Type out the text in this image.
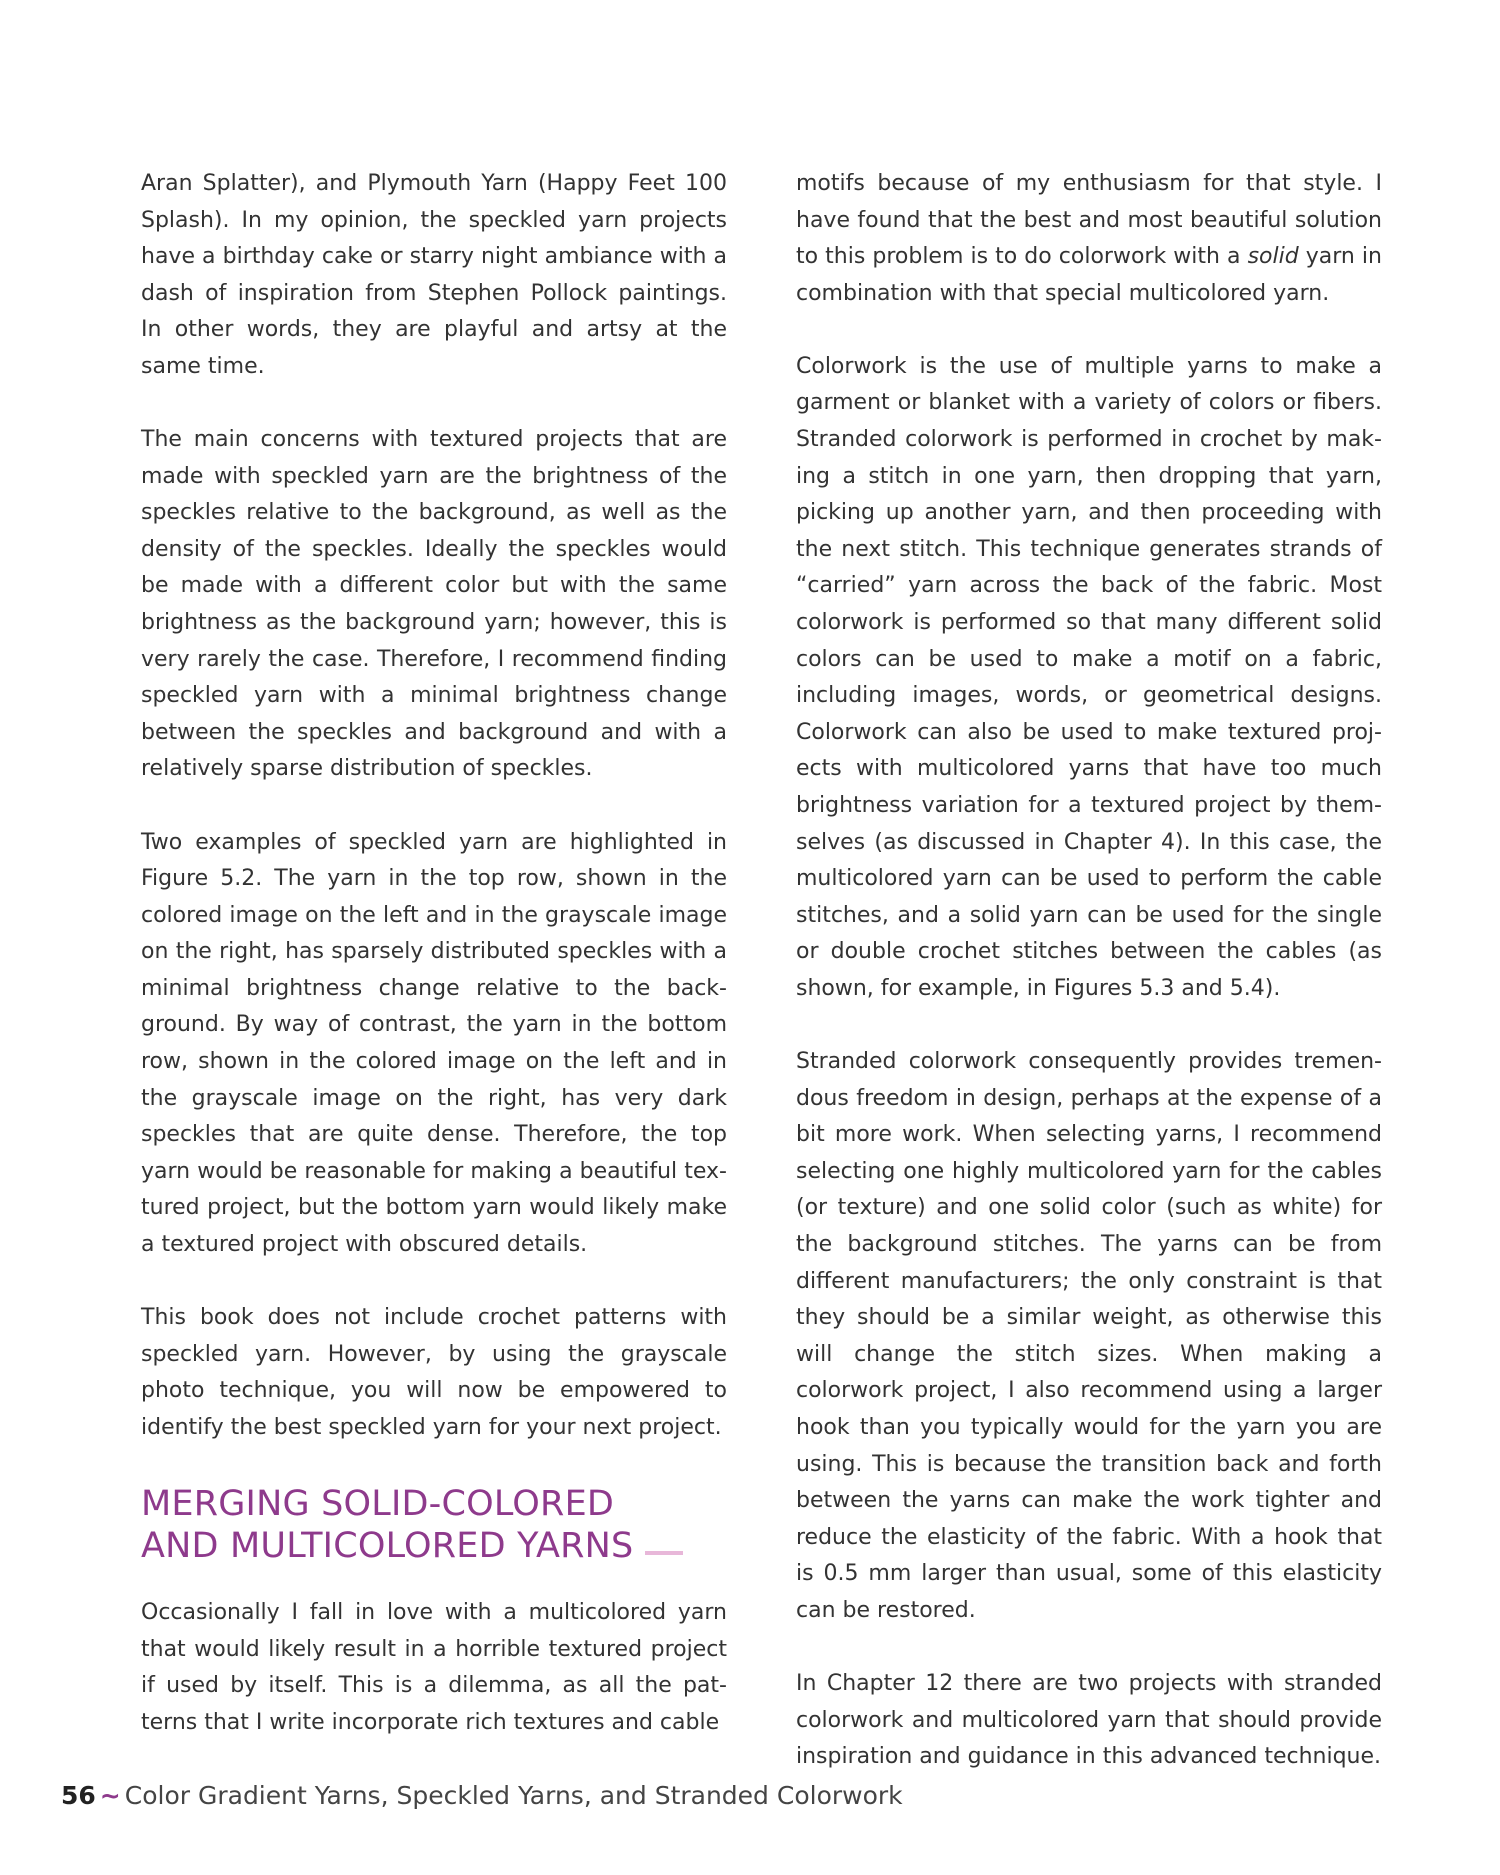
Aran Splatter), and Plymouth Yarn (Happy Feet 100 Splash). In my opinion, the speckled yarn projects have a birthday cake or starry night ambiance with a dash of inspiration from Stephen Pollock paintings. In other words, they are playful and artsy at the same time.

The main concerns with textured projects that are made with speckled yarn are the brightness of the speckles relative to the background, as well as the density of the speckles. Ideally the speckles would be made with a different color but with the same brightness as the background yarn; however, this is very rarely the case. Therefore, I recommend finding speckled yarn with a minimal brightness change between the speckles and background and with a relatively sparse distribution of speckles.

Two examples of speckled yarn are highlighted in Figure 5.2. The yarn in the top row, shown in the colored image on the left and in the grayscale image on the right, has sparsely distributed speckles with a minimal brightness change relative to the background. By way of contrast, the yarn in the bottom row, shown in the colored image on the left and in the grayscale image on the right, has very dark speckles that are quite dense. Therefore, the top yarn would be reasonable for making a beautiful textured project, but the bottom yarn would likely make a textured project with obscured details.

This book does not include crochet patterns with speckled yarn. However, by using the grayscale photo technique, you will now be empowered to identify the best speckled yarn for your next project.

MERGING SOLID-COLORED
AND MULTICOLORED YARNS

Occasionally I fall in love with a multicolored yarn that would likely result in a horrible textured project if used by itself. This is a dilemma, as all the patterns that I write incorporate rich textures and cable

motifs because of my enthusiasm for that style. I have found that the best and most beautiful solution to this problem is to do colorwork with a solid yarn in combination with that special multicolored yarn.

Colorwork is the use of multiple yarns to make a garment or blanket with a variety of colors or fibers. Stranded colorwork is performed in crochet by making a stitch in one yarn, then dropping that yarn, picking up another yarn, and then proceeding with the next stitch. This technique generates strands of “carried” yarn across the back of the fabric. Most colorwork is performed so that many different solid colors can be used to make a motif on a fabric, including images, words, or geometrical designs. Colorwork can also be used to make textured projects with multicolored yarns that have too much brightness variation for a textured project by themselves (as discussed in Chapter 4). In this case, the multicolored yarn can be used to perform the cable stitches, and a solid yarn can be used for the single or double crochet stitches between the cables (as shown, for example, in Figures 5.3 and 5.4).

Stranded colorwork consequently provides tremendous freedom in design, perhaps at the expense of a bit more work. When selecting yarns, I recommend selecting one highly multicolored yarn for the cables (or texture) and one solid color (such as white) for the background stitches. The yarns can be from different manufacturers; the only constraint is that they should be a similar weight, as otherwise this will change the stitch sizes. When making a colorwork project, I also recommend using a larger hook than you typically would for the yarn you are using. This is because the transition back and forth between the yarns can make the work tighter and reduce the elasticity of the fabric. With a hook that is 0.5 mm larger than usual, some of this elasticity can be restored.

In Chapter 12 there are two projects with stranded colorwork and multicolored yarn that should provide inspiration and guidance in this advanced technique.

56 ~ Color Gradient Yarns, Speckled Yarns, and Stranded Colorwork
